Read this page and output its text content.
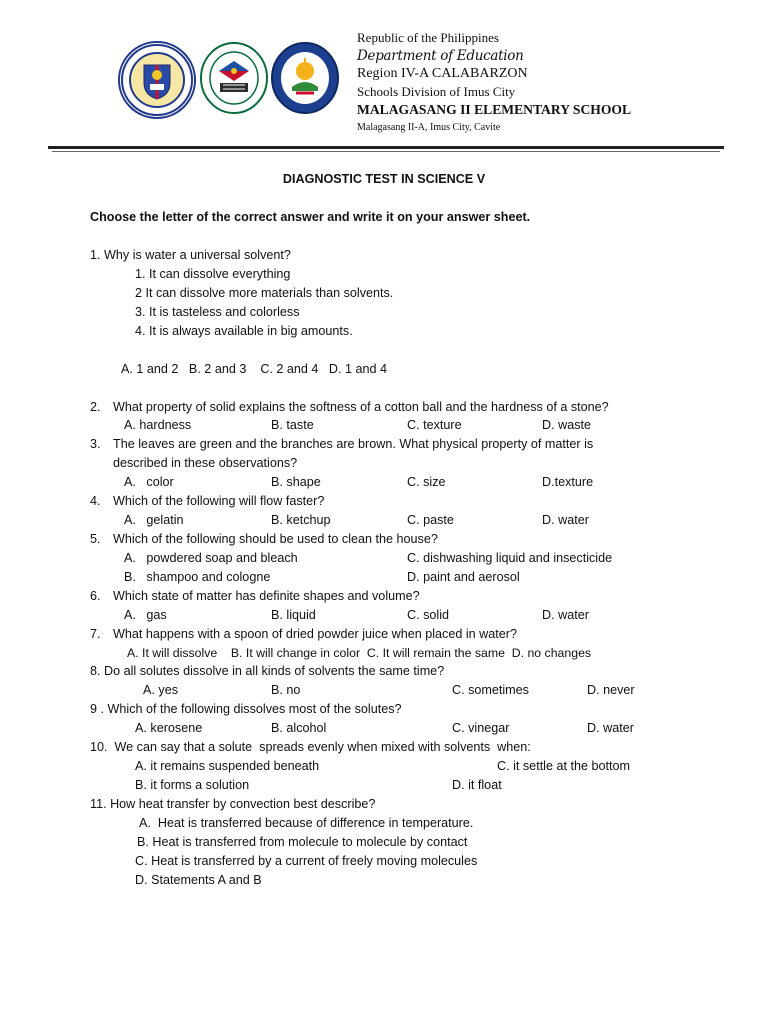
Republic of the Philippines
Department of Education
Region IV-A CALABARZON
Schools Division of Imus City
MALAGASANG II ELEMENTARY SCHOOL
Malagasang II-A, Imus City, Cavite
DIAGNOSTIC TEST IN SCIENCE V
Choose the letter of the correct answer and write it on your answer sheet.
1. Why is water a universal solvent?
1. It can dissolve everything
2 It can dissolve more materials than solvents.
3. It is tasteless and colorless
4. It is always available in big amounts.
A. 1 and 2   B. 2 and 3    C. 2 and 4   D. 1 and 4
2. What property of solid explains the softness of a cotton ball and the hardness of a stone?
A. hardness	B. taste	C. texture	D. waste
3. The leaves are green and the branches are brown. What physical property of matter is
described in these observations?
A.   color	B. shape	C. size	D.texture
4. Which of the following will flow faster?
A.   gelatin	B. ketchup	C. paste	D. water
5. Which of the following should be used to clean the house?
A.   powdered soap and bleach	C. dishwashing liquid and insecticide
B.   shampoo and cologne	D. paint and aerosol
6. Which state of matter has definite shapes and volume?
A.   gas	B. liquid	C. solid	D. water
7. What happens with a spoon of dried powder juice when placed in water?
A. It will dissolve    B. It will change in color  C. It will remain the same  D. no changes
8. Do all solutes dissolve in all kinds of solvents the same time?
A. yes	B. no	C. sometimes	D. never
9 . Which of the following dissolves most of the solutes?
A. kerosene	B. alcohol	C. vinegar	D. water
10.  We can say that a solute  spreads evenly when mixed with solvents  when:
A. it remains suspended beneath	C. it settle at the bottom
B. it forms a solution	D. it float
11. How heat transfer by convection best describe?
A.  Heat is transferred because of difference in temperature.
B. Heat is transferred from molecule to molecule by contact
C. Heat is transferred by a current of freely moving molecules
D. Statements A and B
